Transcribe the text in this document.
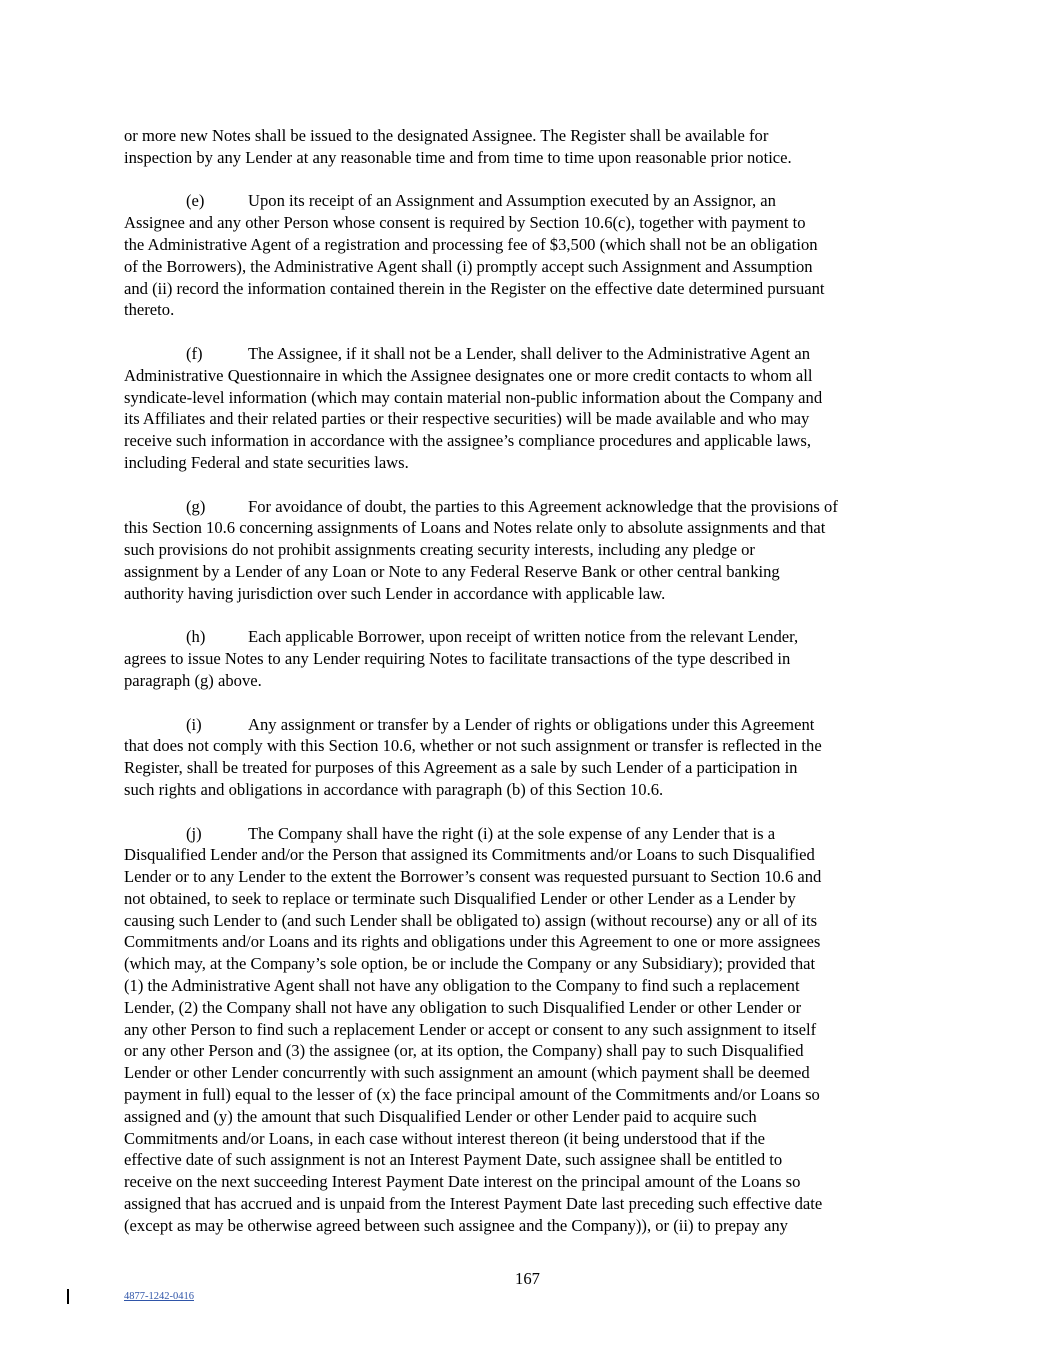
or more new Notes shall be issued to the designated Assignee. The Register shall be available for
inspection by any Lender at any reasonable time and from time to time upon reasonable prior notice.

(e)	Upon its receipt of an Assignment and Assumption executed by an Assignor, an
Assignee and any other Person whose consent is required by Section 10.6(c), together with payment to
the Administrative Agent of a registration and processing fee of $3,500 (which shall not be an obligation
of the Borrowers), the Administrative Agent shall (i) promptly accept such Assignment and Assumption
and (ii) record the information contained therein in the Register on the effective date determined pursuant
thereto.

(f)	The Assignee, if it shall not be a Lender, shall deliver to the Administrative Agent an
Administrative Questionnaire in which the Assignee designates one or more credit contacts to whom all
syndicate-level information (which may contain material non-public information about the Company and
its Affiliates and their related parties or their respective securities) will be made available and who may
receive such information in accordance with the assignee’s compliance procedures and applicable laws,
including Federal and state securities laws.

(g)	For avoidance of doubt, the parties to this Agreement acknowledge that the provisions of
this Section 10.6 concerning assignments of Loans and Notes relate only to absolute assignments and that
such provisions do not prohibit assignments creating security interests, including any pledge or
assignment by a Lender of any Loan or Note to any Federal Reserve Bank or other central banking
authority having jurisdiction over such Lender in accordance with applicable law.

(h)	Each applicable Borrower, upon receipt of written notice from the relevant Lender,
agrees to issue Notes to any Lender requiring Notes to facilitate transactions of the type described in
paragraph (g) above.

(i)	Any assignment or transfer by a Lender of rights or obligations under this Agreement
that does not comply with this Section 10.6, whether or not such assignment or transfer is reflected in the
Register, shall be treated for purposes of this Agreement as a sale by such Lender of a participation in
such rights and obligations in accordance with paragraph (b) of this Section 10.6.

(j)	The Company shall have the right (i) at the sole expense of any Lender that is a
Disqualified Lender and/or the Person that assigned its Commitments and/or Loans to such Disqualified
Lender or to any Lender to the extent the Borrower’s consent was requested pursuant to Section 10.6 and
not obtained, to seek to replace or terminate such Disqualified Lender or other Lender as a Lender by
causing such Lender to (and such Lender shall be obligated to) assign (without recourse) any or all of its
Commitments and/or Loans and its rights and obligations under this Agreement to one or more assignees
(which may, at the Company’s sole option, be or include the Company or any Subsidiary); provided that
(1) the Administrative Agent shall not have any obligation to the Company to find such a replacement
Lender, (2) the Company shall not have any obligation to such Disqualified Lender or other Lender or
any other Person to find such a replacement Lender or accept or consent to any such assignment to itself
or any other Person and (3) the assignee (or, at its option, the Company) shall pay to such Disqualified
Lender or other Lender concurrently with such assignment an amount (which payment shall be deemed
payment in full) equal to the lesser of (x) the face principal amount of the Commitments and/or Loans so
assigned and (y) the amount that such Disqualified Lender or other Lender paid to acquire such
Commitments and/or Loans, in each case without interest thereon (it being understood that if the
effective date of such assignment is not an Interest Payment Date, such assignee shall be entitled to
receive on the next succeeding Interest Payment Date interest on the principal amount of the Loans so
assigned that has accrued and is unpaid from the Interest Payment Date last preceding such effective date
(except as may be otherwise agreed between such assignee and the Company)), or (ii) to prepay any

167
4877-1242-0416
